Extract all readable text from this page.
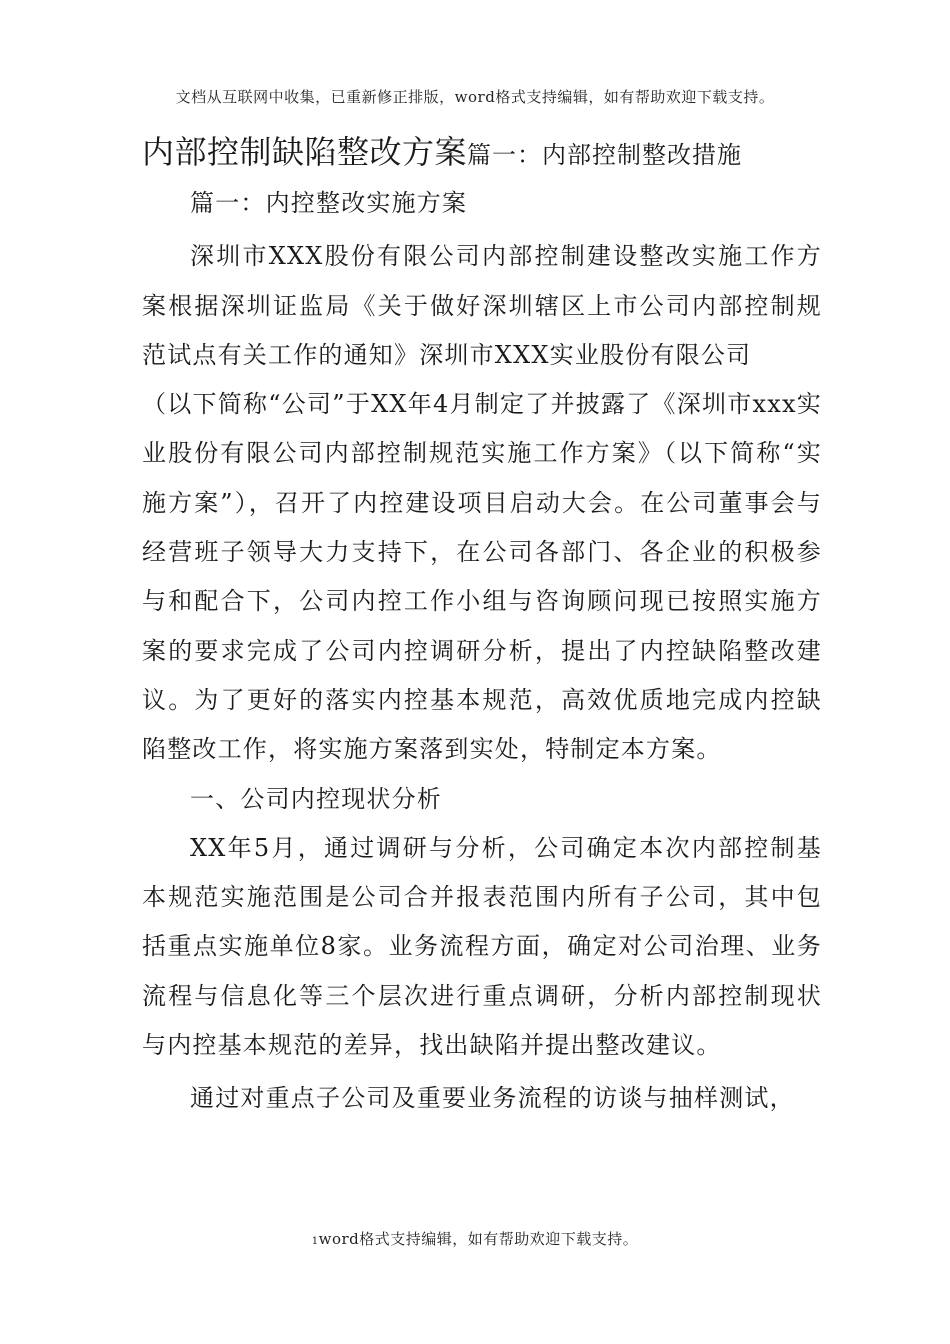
文档从互联网中收集，已重新修正排版，word格式支持编辑，如有帮助欢迎下载支持。
内部控制缺陷整改方案篇一：内部控制整改措施

篇一：内控整改实施方案

深圳市XXX股份有限公司内部控制建设整改实施工作方案根据深圳证监局《关于做好深圳辖区上市公司内部控制规范试点有关工作的通知》深圳市XXX实业股份有限公司

（以下简称“公司”于XX年4月制定了并披露了《深圳市xxx实业股份有限公司内部控制规范实施工作方案》（以下简称“实施方案”），召开了内控建设项目启动大会。在公司董事会与经营班子领导大力支持下，在公司各部门、各企业的积极参与和配合下，公司内控工作小组与咨询顾问现已按照实施方案的要求完成了公司内控调研分析，提出了内控缺陷整改建议。为了更好的落实内控基本规范，高效优质地完成内控缺陷整改工作，将实施方案落到实处，特制定本方案。

一、公司内控现状分析

XX年5月，通过调研与分析，公司确定本次内部控制基本规范实施范围是公司合并报表范围内所有子公司，其中包括重点实施单位8家。业务流程方面，确定对公司治理、业务流程与信息化等三个层次进行重点调研，分析内部控制现状与内控基本规范的差异，找出缺陷并提出整改建议。

通过对重点子公司及重要业务流程的访谈与抽样测试，

1word格式支持编辑，如有帮助欢迎下载支持。
